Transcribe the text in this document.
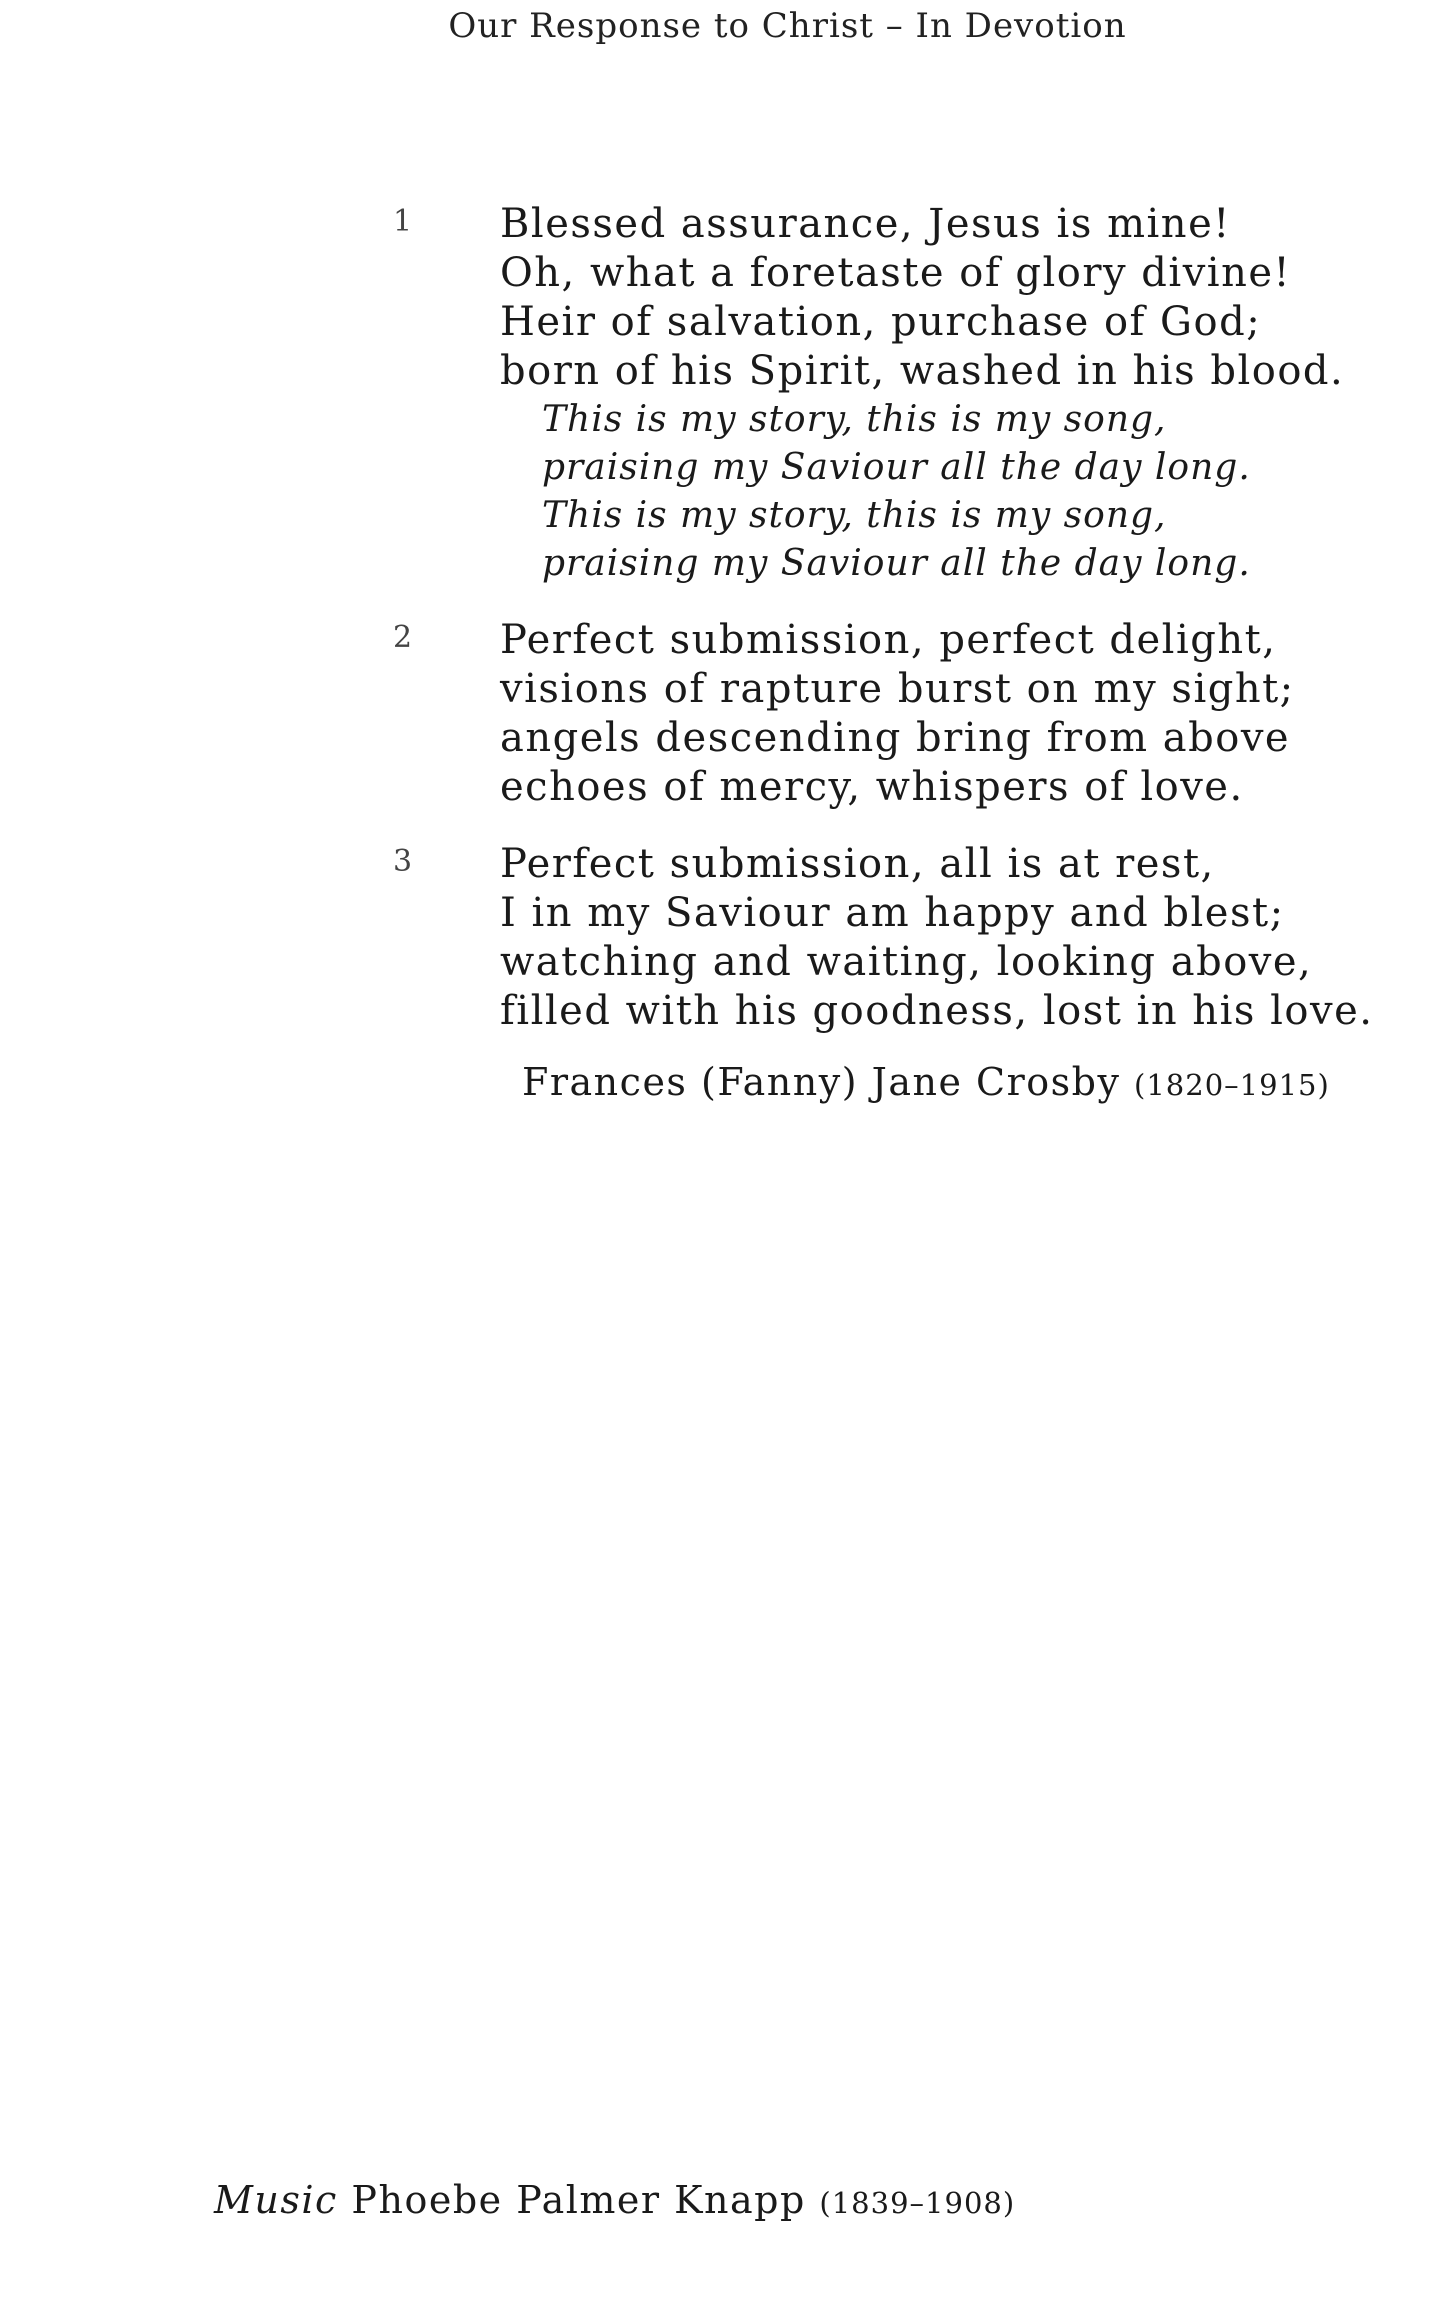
Our Response to Christ – In Devotion
1 Blessed assurance, Jesus is mine!
Oh, what a foretaste of glory divine!
Heir of salvation, purchase of God;
born of his Spirit, washed in his blood.
This is my story, this is my song,
praising my Saviour all the day long.
This is my story, this is my song,
praising my Saviour all the day long.
2 Perfect submission, perfect delight,
visions of rapture burst on my sight;
angels descending bring from above
echoes of mercy, whispers of love.
3 Perfect submission, all is at rest,
I in my Saviour am happy and blest;
watching and waiting, looking above,
filled with his goodness, lost in his love.
Frances (Fanny) Jane Crosby (1820–1915)
Music Phoebe Palmer Knapp (1839–1908)
